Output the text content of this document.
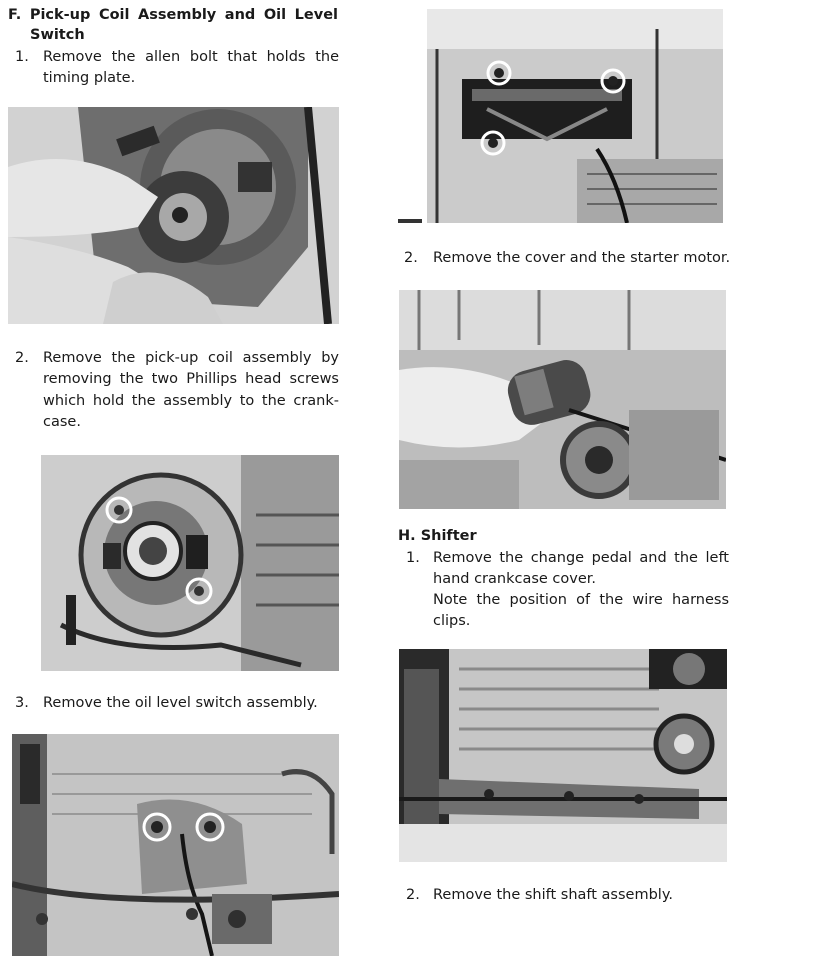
F. Pick-up Coil Assembly and Oil Level
Switch
1. Remove the allen bolt that holds the
timing plate.
2. Remove the pick-up coil assembly by
removing the two Phillips head screws
which hold the assembly to the crank-
case.
3. Remove the oil level switch assembly.
2. Remove the cover and the starter motor.
H. Shifter
1. Remove the change pedal and the left
hand crankcase cover.
Note the position of the wire harness
clips.
2. Remove the shift shaft assembly.
